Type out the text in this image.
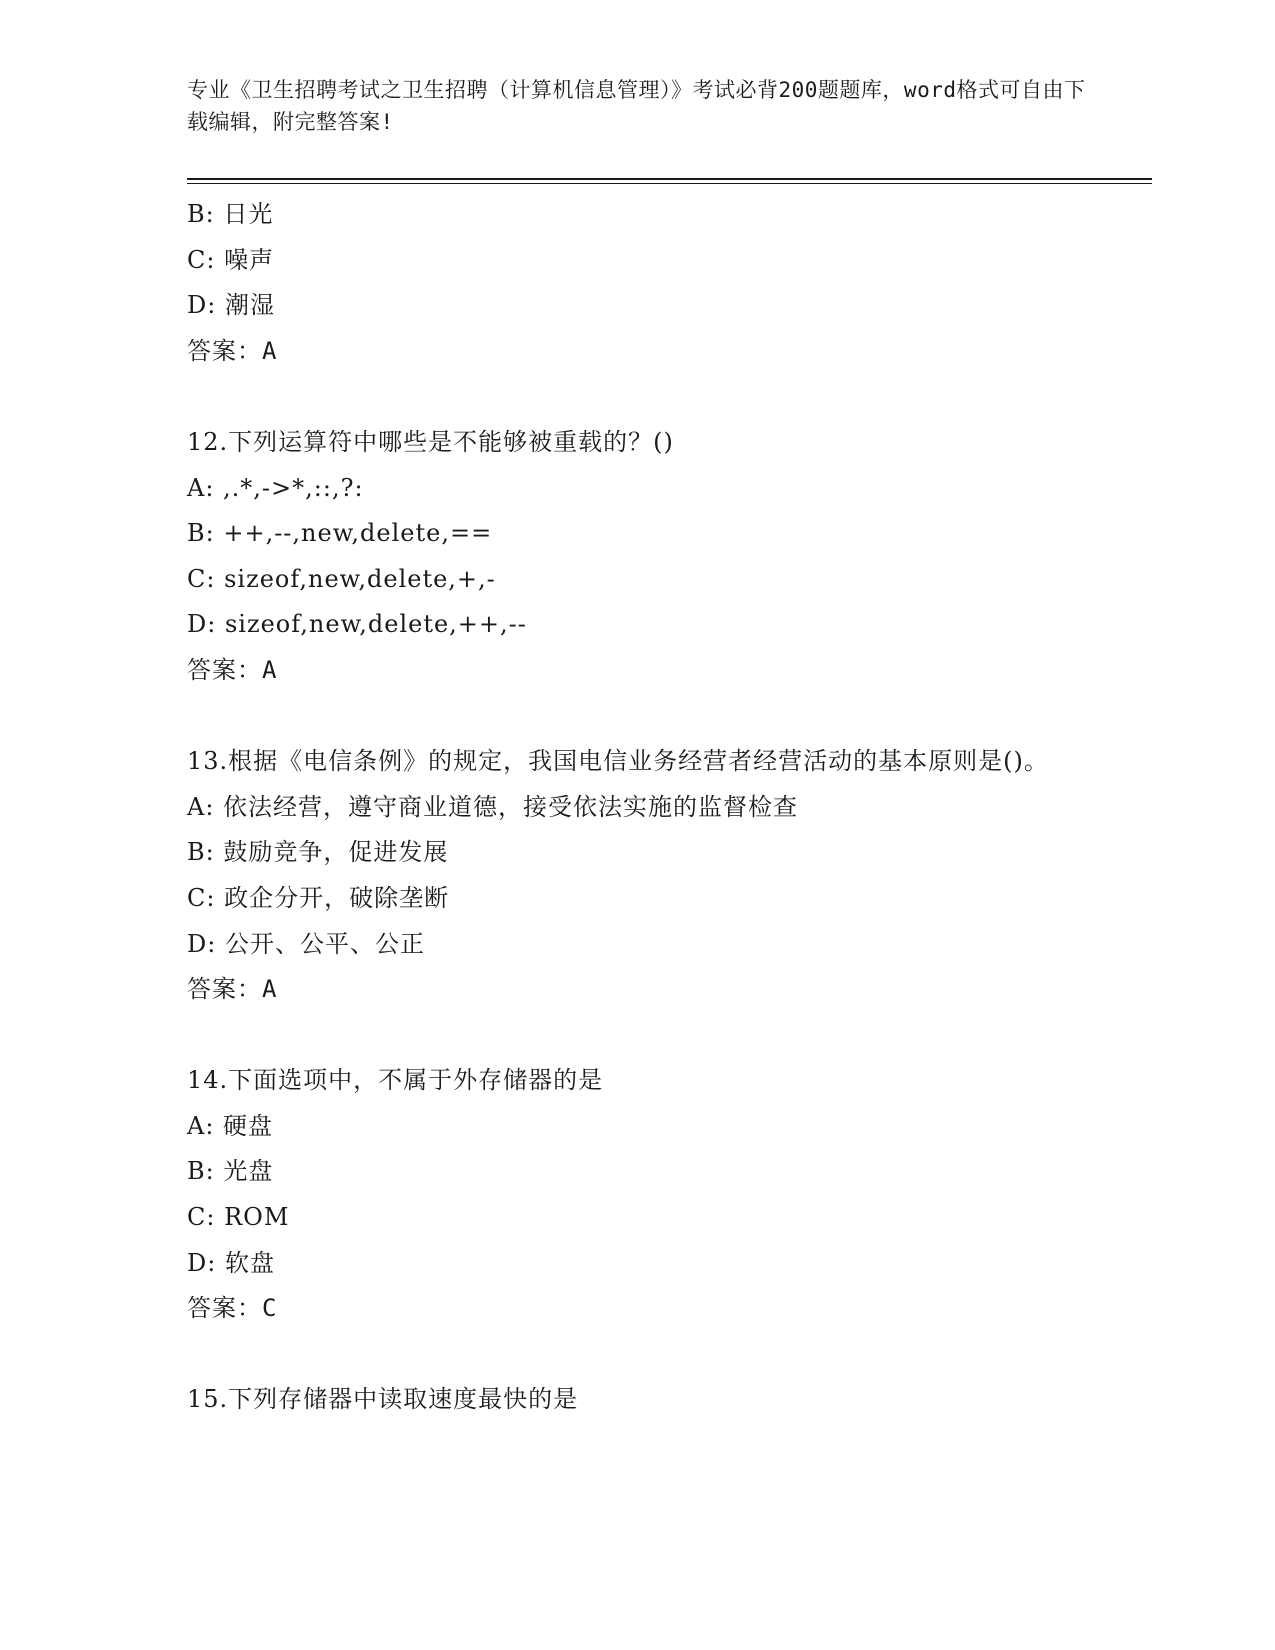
专业《卫生招聘考试之卫生招聘（计算机信息管理）》考试必背200题题库，word格式可自由下载编辑，附完整答案!
B: 日光
C: 噪声
D: 潮湿
答案：A
12.下列运算符中哪些是不能够被重载的？()
A: ,.*,->*,::,?:
B: ++,--,new,delete,==
C: sizeof,new,delete,+,-
D: sizeof,new,delete,++,--
答案：A
13.根据《电信条例》的规定，我国电信业务经营者经营活动的基本原则是()。
A: 依法经营，遵守商业道德，接受依法实施的监督检查
B: 鼓励竞争，促进发展
C: 政企分开，破除垄断
D: 公开、公平、公正
答案：A
14.下面选项中，不属于外存储器的是
A: 硬盘
B: 光盘
C: ROM
D: 软盘
答案：C
15.下列存储器中读取速度最快的是
